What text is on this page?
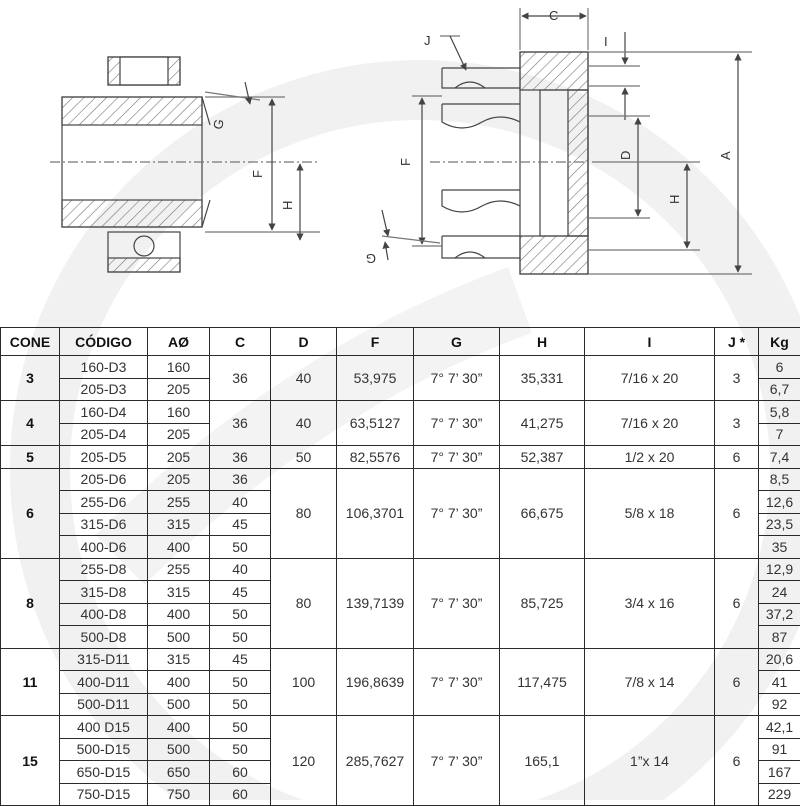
G
F
H
C
J	I
D
F
H
A
G
CONE	CÓDIGO	AØ	C	D	F	G	H	I	J *	Kg
3	160-D3	160	36	40	53,975	7° 7’ 30”	35,331	7/16 x 20	3	6
	205-D3	205								6,7
4	160-D4	160	36	40	63,5127	7° 7’ 30”	41,275	7/16 x 20	3	5,8
	205-D4	205								7
5	205-D5	205	36	50	82,5576	7° 7’ 30”	52,387	1/2 x 20	6	7,4
6	205-D6	205	36	80	106,3701	7° 7’ 30”	66,675	5/8 x 18	6	8,5
	255-D6	255	40							12,6
	315-D6	315	45							23,5
	400-D6	400	50							35
8	255-D8	255	40	80	139,7139	7° 7’ 30”	85,725	3/4 x 16	6	12,9
	315-D8	315	45							24
	400-D8	400	50							37,2
	500-D8	500	50							87
11	315-D11	315	45	100	196,8639	7° 7’ 30”	117,475	7/8 x 14	6	20,6
	400-D11	400	50							41
	500-D11	500	50							92
15	400 D15	400	50	120	285,7627	7° 7’ 30”	165,1	1”x 14	6	42,1
	500-D15	500	50							91
	650-D15	650	60							167
	750-D15	750	60							229
